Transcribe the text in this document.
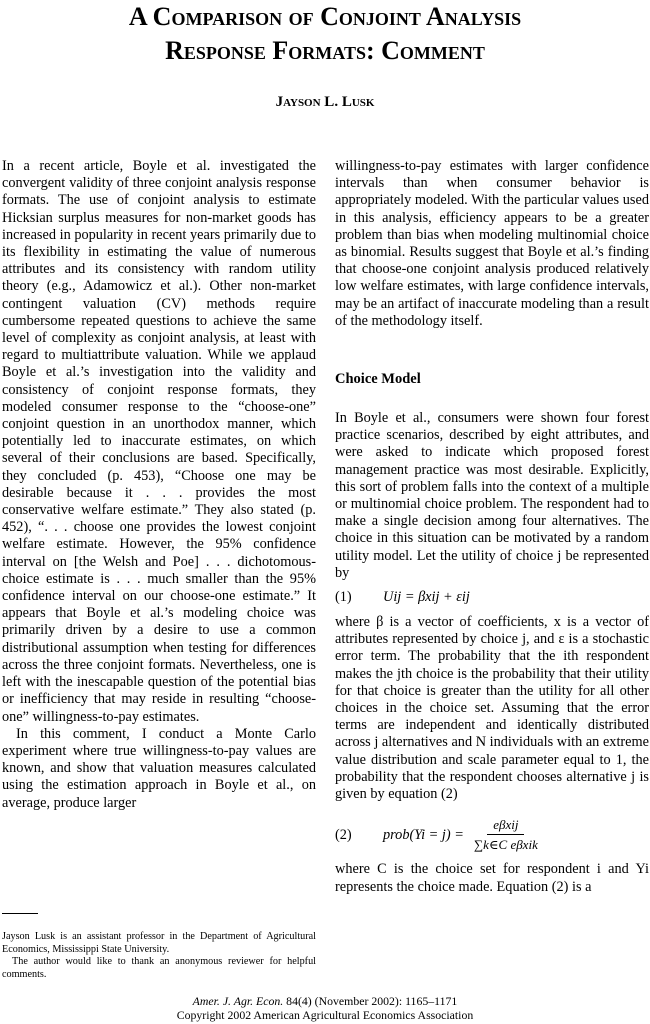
A Comparison of Conjoint Analysis
Response Formats: Comment
Jayson L. Lusk

In a recent article, Boyle et al. investigated the convergent validity of three conjoint analysis response formats. The use of conjoint analysis to estimate Hicksian surplus measures for non-market goods has increased in popularity in recent years primarily due to its flexibility in estimating the value of numerous attributes and its consistency with random utility theory (e.g., Adamowicz et al.). Other non-market contingent valuation (CV) methods require cumbersome repeated questions to achieve the same level of complexity as conjoint analysis, at least with regard to multiattribute valuation. While we applaud Boyle et al.’s investigation into the validity and consistency of conjoint response formats, they modeled consumer response to the “choose-one” conjoint question in an unorthodox manner, which potentially led to inaccurate estimates, on which several of their conclusions are based. Specifically, they concluded (p. 453), “Choose one may be desirable because it . . . provides the most conservative welfare estimate.” They also stated (p. 452), “. . . choose one provides the lowest conjoint welfare estimate. However, the 95% confidence interval on [the Welsh and Poe] . . . dichotomous-choice estimate is . . . much smaller than the 95% confidence interval on our choose-one estimate.” It appears that Boyle et al.’s modeling choice was primarily driven by a desire to use a common distributional assumption when testing for differences across the three conjoint formats. Nevertheless, one is left with the inescapable question of the potential bias or inefficiency that may reside in resulting “choose-one” willingness-to-pay estimates.

In this comment, I conduct a Monte Carlo experiment where true willingness-to-pay values are known, and show that valuation measures calculated using the estimation approach in Boyle et al., on average, produce larger

willingness-to-pay estimates with larger confidence intervals than when consumer behavior is appropriately modeled. With the particular values used in this analysis, efficiency appears to be a greater problem than bias when modeling multinomial choice as binomial. Results suggest that Boyle et al.’s finding that choose-one conjoint analysis produced relatively low welfare estimates, with large confidence intervals, may be an artifact of inaccurate modeling than a result of the methodology itself.

Choice Model

In Boyle et al., consumers were shown four forest practice scenarios, described by eight attributes, and were asked to indicate which proposed forest management practice was most desirable. Explicitly, this sort of problem falls into the context of a multiple or multinomial choice problem. The respondent had to make a single decision among four alternatives. The choice in this situation can be motivated by a random utility model. Let the utility of choice j be represented by

(1)	Uij = βxij + εij

where β is a vector of coefficients, x is a vector of attributes represented by choice j, and ε is a stochastic error term. The probability that the ith respondent makes the jth choice is the probability that their utility for that choice is greater than the utility for all other choices in the choice set. Assuming that the error terms are independent and identically distributed across j alternatives and N individuals with an extreme value distribution and scale parameter equal to 1, the probability that the respondent chooses alternative j is given by equation (2)

(2)	prob(Yi = $j) = \frac{\text{eβxij}}{\text{∑k∈C eβxik}}$

where C is the choice set for respondent i and Yi represents the choice made. Equation (2) is a

Jayson Lusk is an assistant professor in the Department of Agricultural Economics, Mississippi State University.

The author would like to thank an anonymous reviewer for helpful comments.

Amer. J. Agr. Econ. 84(4) (November 2002): 1165–1171
Copyright 2002 American Agricultural Economics Association
